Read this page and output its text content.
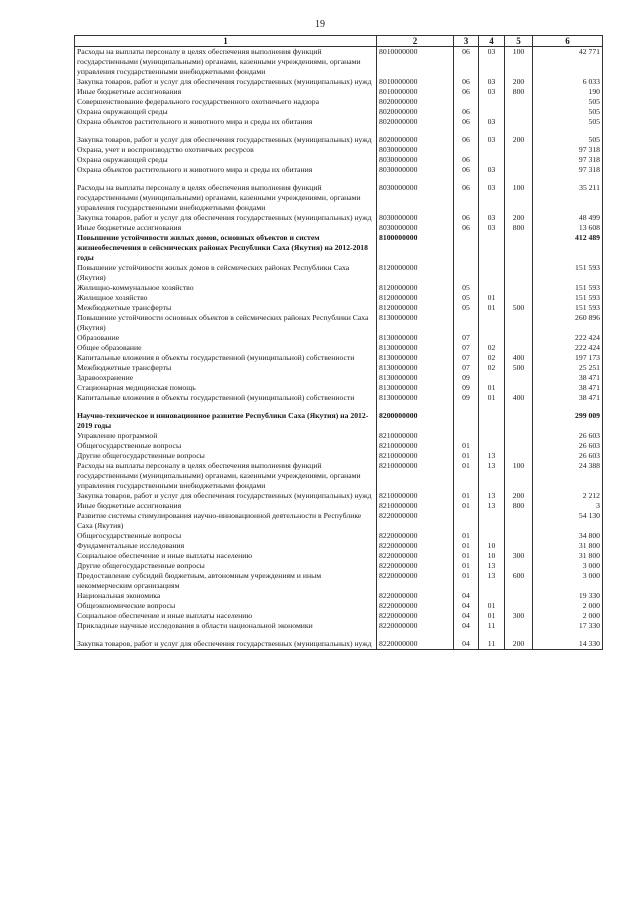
19
1	2	3	4	5	6
Расходы на выплаты персоналу в целях обеспечения выполнения функций государственными (муниципальными) органами, казенными учреждениями, органами управления государственными внебюджетными фондами	8010000000	06	03	100	42 771
Закупка товаров, работ и услуг для обеспечения государственных (муниципальных) нужд	8010000000	06	03	200	6 033
Иные бюджетные ассигнования	8010000000	06	03	800	190
Совершенствование федерального государственного охотничьего надзора	8020000000				505
Охрана окружающей среды	8020000000	06			505
Охрана объектов растительного и животного мира и среды их обитания	8020000000	06	03		505
Закупка товаров, работ и услуг для обеспечения государственных (муниципальных) нужд	8020000000	06	03	200	505
Охрана, учет и воспроизводство охотничьих ресурсов	8030000000				97 318
Охрана окружающей среды	8030000000	06			97 318
Охрана объектов растительного и животного мира и среды их обитания	8030000000	06	03		97 318
Расходы на выплаты персоналу в целях обеспечения выполнения функций государственными (муниципальными) органами, казенными учреждениями, органами управления государственными внебюджетными фондами	8030000000	06	03	100	35 211
Закупка товаров, работ и услуг для обеспечения государственных (муниципальных) нужд	8030000000	06	03	200	48 499
Иные бюджетные ассигнования	8030000000	06	03	800	13 608
Повышение устойчивости жилых домов, основных объектов и систем жизнеобеспечения в сейсмических районах Республики Саха (Якутия) на 2012-2018 годы	8100000000				412 489
Повышение устойчивости жилых домов в сейсмических районах Республики Саха (Якутия)	8120000000				151 593
Жилищно-коммунальное хозяйство	8120000000	05			151 593
Жилищное хозяйство	8120000000	05	01		151 593
Межбюджетные трансферты	8120000000	05	01	500	151 593
Повышение устойчивости основных объектов в сейсмических районах Республики Саха (Якутия)	8130000000				260 896
Образование	8130000000	07			222 424
Общее образование	8130000000	07	02		222 424
Капитальные вложения в объекты государственной (муниципальной) собственности	8130000000	07	02	400	197 173
Межбюджетные трансферты	8130000000	07	02	500	25 251
Здравоохранение	8130000000	09			38 471
Стационарная медицинская помощь	8130000000	09	01		38 471
Капитальные вложения в объекты государственной (муниципальной) собственности	8130000000	09	01	400	38 471
Научно-техническое и инновационное развитие Республики Саха (Якутия) на 2012-2019 годы	8200000000				299 009
Управление программой	8210000000				26 603
Общегосударственные вопросы	8210000000	01			26 603
Другие общегосударственные вопросы	8210000000	01	13		26 603
Расходы на выплаты персоналу в целях обеспечения выполнения функций государственными (муниципальными) органами, казенными учреждениями, органами управления государственными внебюджетными фондами	8210000000	01	13	100	24 388
Закупка товаров, работ и услуг для обеспечения государственных (муниципальных) нужд	8210000000	01	13	200	2 212
Иные бюджетные ассигнования	8210000000	01	13	800	3
Развитие системы стимулирования научно-инновационной деятельности в Республике Саха (Якутия)	8220000000				54 130
Общегосударственные вопросы	8220000000	01			34 800
Фундаментальные исследования	8220000000	01	10		31 800
Социальное обеспечение и иные выплаты населению	8220000000	01	10	300	31 800
Другие общегосударственные вопросы	8220000000	01	13		3 000
Предоставление субсидий бюджетным, автономным учреждениям и иным некоммерческим организациям	8220000000	01	13	600	3 000
Национальная экономика	8220000000	04			19 330
Общеэкономические вопросы	8220000000	04	01		2 000
Социальное обеспечение и иные выплаты населению	8220000000	04	01	300	2 000
Прикладные научные исследования в области национальной экономики	8220000000	04	11		17 330
Закупка товаров, работ и услуг для обеспечения государственных (муниципальных) нужд	8220000000	04	11	200	14 330
